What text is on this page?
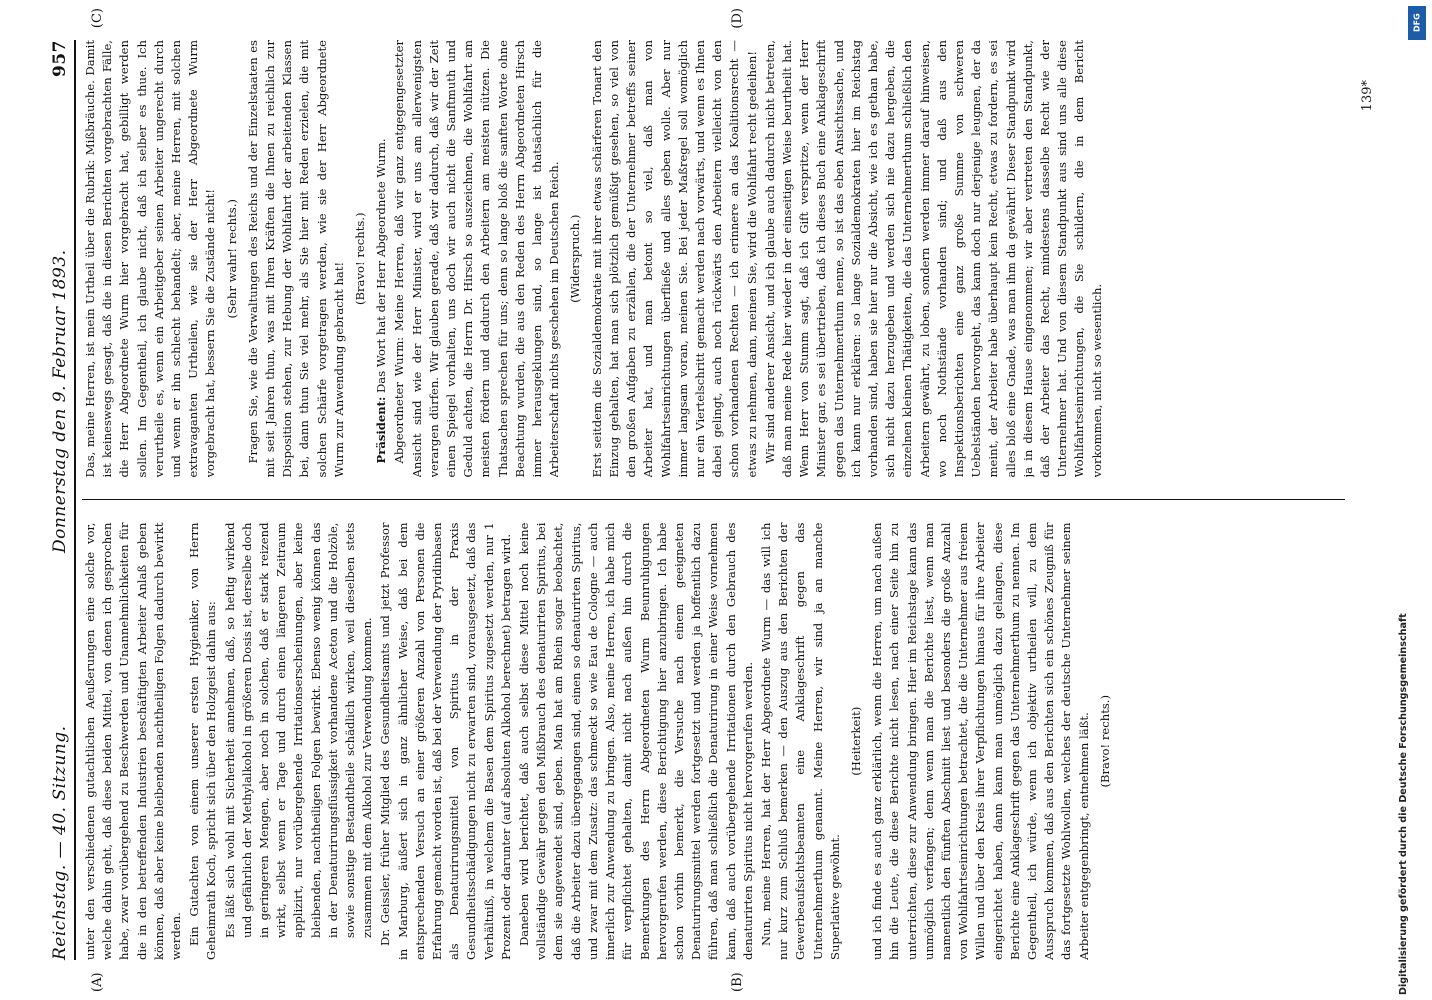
Reichstag. — 40. Sitzung.
Donnerstag den 9. Februar 1893.
957

unter den verschiedenen gutachtlichen Aeußerungen eine solche vor, welche dahin geht, daß diese beiden Mittel, von denen ich gesprochen habe, zwar vorübergehend zu Beschwerden und Unannehmlichkeiten für die in den betreffenden Industrien beschäftigten Arbeiter Anlaß geben können, daß aber keine bleibenden nachtheiligen Folgen dadurch bewirkt werden. Ein Gutachten von einem unserer ersten Hygieniker, von Herrn Geheimrath Koch, spricht sich über den Holzgeist dahin aus: Es läßt sich wohl mit Sicherheit annehmen, daß, so heftig wirkend und gefährlich der Methylalkohol in größeren Dosis ist, derselbe doch in geringeren Mengen, aber noch in solchen, daß er stark reizend wirkt, selbst wenn er Tage und durch einen längeren Zeitraum applizirt, nur vorübergehende Irritationserscheinungen, aber keine bleibenden, nachtheiligen Folgen bewirkt. Ebenso wenig können das in der Denaturirungsflüssigkeit vorhandene Aceton und die Holzöle, sowie sonstige Bestandtheile schädlich wirken, weil dieselben stets zusammen mit dem Alkohol zur Verwendung kommen. Dr. Geissler, früher Mitglied des Gesundheitsamts und jetzt Professor in Marburg, äußert sich in ganz ähnlicher Weise, daß bei dem entsprechenden Versuch an einer größeren Anzahl von Personen die Erfahrung gemacht worden ist, daß bei der Verwendung der Pyridinbasen als Denaturirungsmittel von Spiritus in der Praxis Gesundheitsschädigungen nicht zu erwarten sind, vorausgesetzt, daß das Verhältniß, in welchem die Basen dem Spiritus zugesetzt werden, nur 1 Prozent oder darunter (auf absoluten Alkohol berechnet) betragen wird. Daneben wird berichtet, daß auch selbst diese Mittel noch keine vollständige Gewähr gegen den Mißbrauch des denaturirten Spiritus, bei dem sie angewendet sind, geben. Man hat am Rhein sogar beobachtet, daß die Arbeiter dazu übergegangen sind, einen so denaturirten Spiritus, und zwar mit dem Zusatz: das schmeckt so wie Eau de Cologne — auch innerlich zur Anwendung zu bringen. Also, meine Herren, ich habe mich für verpflichtet gehalten, damit nicht nach außen hin durch die Bemerkungen des Herrn Abgeordneten Wurm Beunruhigungen hervorgerufen werden, diese Berichtigung hier anzubringen. Ich habe schon vorhin bemerkt, die Versuche nach einem geeigneten Denaturirungsmittel werden fortgesetzt und werden ja hoffentlich dazu führen, daß man schließlich die Denaturirung in einer Weise vornehmen kann, daß auch vorübergehende Irritationen durch den Gebrauch des denaturirten Spiritus nicht hervorgerufen werden. Nun, meine Herren, hat der Herr Abgeordnete Wurm — das will ich nur kurz zum Schluß bemerken — den Auszug aus den Berichten der Gewerbeaufsichtsbeamten eine Anklageschrift gegen das Unternehmerthum genannt. Meine Herren, wir sind ja an manche Superlative gewöhnt.

(Heiterkeit) und ich finde es auch ganz erklärlich, wenn die Herren, um nach außen hin die Leute, die diese Berichte nicht lesen, nach einer Seite hin zu unterrichten, diese zur Anwendung bringen. Hier im Reichstage kann das unmöglich verfangen; denn wenn man die Berichte liest, wenn man namentlich den fünften Abschnitt liest und besonders die große Anzahl von Wohlfahrtseinrichtungen betrachtet, die die Unternehmer aus freiem Willen und über den Kreis ihrer Verpflichtungen hinaus für ihre Arbeiter eingerichtet haben, dann kann man unmöglich dazu gelangen, diese Berichte eine Anklageschrift gegen das Unternehmerthum zu nennen. Im Gegentheil, ich würde, wenn ich objektiv urtheilen will, zu dem Ausspruch kommen, daß aus den Berichten sich ein schönes Zeugniß für das fortgesetzte Wohlwollen, welches der deutsche Unternehmer seinem Arbeiter entgegenbringt, entnehmen läßt. (Bravo! rechts.)

Das, meine Herren, ist mein Urtheil über die Rubrik: Mißbräuche. Damit ist keineswegs gesagt, daß die in diesen Berichten vorgebrachten Fälle, die Herr Abgeordnete Wurm hier vorgebracht hat, gebilligt werden sollen. Im Gegentheil, ich glaube nicht, daß ich selber es thue. Ich verurtheile es, wenn ein Arbeitgeber seinen Arbeiter ungerecht durch und wenn er ihn schlecht behandelt; aber, meine Herren, mit solchen extravaganten Urtheilen, wie sie der Herr Abgeordnete Wurm vorgebracht hat, bessern Sie die Zustände nicht! (Sehr wahr! rechts.) Fragen Sie, wie die Verwaltungen des Reichs und der Einzelstaaten es mit seit Jahren thun, was mit Ihren Kräften die Ihnen zu reichlich zur Disposition stehen, zur Hebung der Wohlfahrt der arbeitenden Klassen bei, dann thun Sie viel mehr, als Sie hier mit Reden erzielen, die mit solchen Schärfe vorgetragen werden, wie sie der Herr Abgeordnete Wurm zur Anwendung gebracht hat!

(Bravo! rechts.)

Präsident: Das Wort hat der Herr Abgeordnete Wurm. Abgeordneter Wurm: Meine Herren, daß wir ganz entgegengesetzter Ansicht sind wie der Herr Minister, wird er uns am allerwenigsten verargen dürfen. Wir glauben gerade, daß wir dadurch, daß wir der Zeit einen Spiegel vorhalten, uns doch wir auch nicht die Sanftmuth und Geduld achten, die Herrn Dr. Hirsch so auszeichnen, die Wohlfahrt am meisten fördern und dadurch den Arbeitern am meisten nützen. Die Thatsachen sprechen für uns; denn so lange bloß die sanften Worte ohne Beachtung wurden, die aus den Reden des Herrn Abgeordneten Hirsch immer herausgeklungen sind, so lange ist thatsächlich für die Arbeiterschaft nichts geschehen im Deutschen Reich. (Widerspruch.) Erst seitdem die Sozialdemokratie mit ihrer etwas schärferen Tonart den Einzug gehalten, hat man sich plötzlich gemüßigt gesehen, so viel von den großen Aufgaben zu erzählen, die der Unternehmer betreffs seiner Arbeiter hat, und man betont so viel, daß man von Wohlfahrtseinrichtungen überfließe und alles geben wolle. Aber nur immer langsam voran, meinen Sie. Bei jeder Maßregel soll womöglich nur ein Viertelschritt gemacht werden nach vorwärts, und wenn es Ihnen dabei gelingt, auch noch rückwärts den Arbeitern vielleicht von den schon vorhandenen Rechten — ich erinnere an das Koalitionsrecht — etwas zu nehmen, dann, meinen Sie, wird die Wohlfahrt recht gedeihen! Wir sind anderer Ansicht, und ich glaube auch dadurch nicht betreten, daß man meine Rede hier wieder in der einseitigen Weise beurtheilt hat. Wenn Herr von Stumm sagt, daß ich Gift verspritze, wenn der Herr Minister gar, es sei übertrieben, daß ich dieses Buch eine Anklageschrift gegen das Unternehmerthum nenne, so ist das eben Ansichtssache, und ich kann nur erklären: so lange Sozialdemokraten hier im Reichstag vorhanden sind, haben sie hier nur die Absicht, wie ich es gethan habe, sich nicht dazu herzugeben und werden sich nie dazu hergeben, die einzelnen kleinen Thätigkeiten, die das Unternehmerthum schließlich den Arbeitern gewährt, zu loben, sondern werden immer darauf hinweisen, wo noch Nothstände vorhanden sind; und daß aus den Inspektionsberichten eine ganz große Summe von schweren Uebelständen hervorgeht, das kann doch nur derjenige leugnen, der da meint, der Arbeiter habe überhaupt kein Recht, etwas zu fordern, es sei alles bloß eine Gnade, was man ihm da gewährt! Dieser Standpunkt wird ja in diesem Hause eingenommen; wir aber vertreten den Standpunkt, daß der Arbeiter das Recht, mindestens dasselbe Recht wie der Unternehmer hat. Und von diesem Standpunkt aus sind uns alle diese Wohlfahrtseinrichtungen, die Sie schildern, die in dem Bericht vorkommen, nicht so wesentlich.

(A)	(B)
(C)	(D)
139*
Digitalisierung gefördert durch die Deutsche Forschungsgemeinschaft
DFG
